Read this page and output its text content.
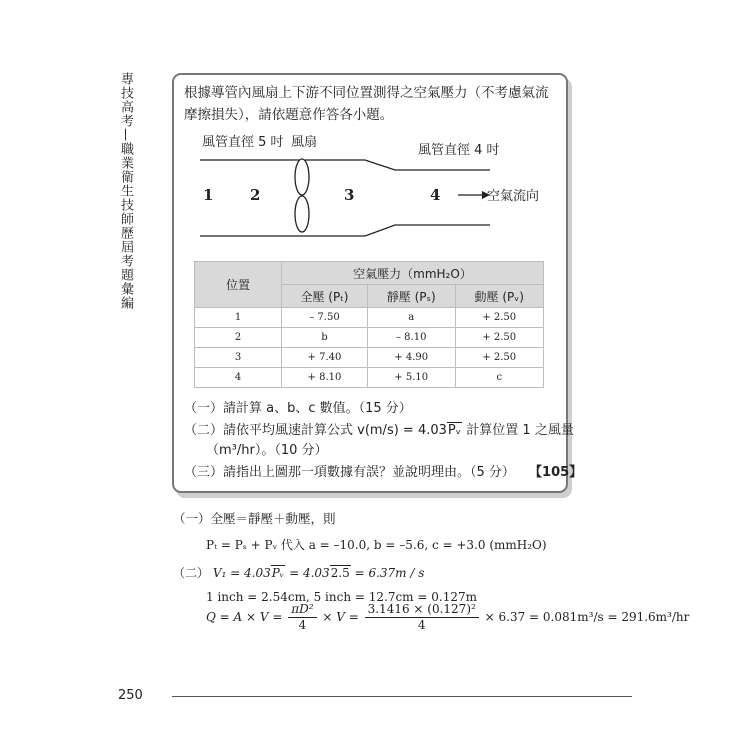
專技高考—職業衛生技師歷屆考題彙編	根據導管內風扇上下游不同位置測得之空氣壓力（不考慮氣流摩擦損失），請依題意作答各小題。
風管直徑 5 吋 風扇
風管直徑 4 吋
1 2	3	4	空氣流向
位置	空氣壓力（mmH₂O）		
	全壓 (Pₜ)	靜壓 (Pₛ)	動壓 (Pᵥ)
1	– 7.50	a	+ 2.50
2	b	– 8.10	+ 2.50
3	+ 7.40	+ 4.90	+ 2.50
4	+ 8.10	+ 5.10	c
（一）請計算 a、b、c 數值。（15 分）
（二）請依平均風速計算公式 v(m/s) = 4.03Pᵥ 計算位置 1 之風量
（m³/hr）。（10 分）
（三）請指出上圖那一項數據有誤？並說明理由。（5 分） 【105】
（一）全壓＝靜壓＋動壓，則
Pₜ = Pₛ + Pᵥ 代入 a = –10.0, b = –5.6, c = +3.0 (mmH₂O)
（二） V₁ = 4.03Pᵥ = 4.032.5 = 6.37m / s
1 inch = 2.54cm, 5 inch = 12.7cm = 0.127m
$Q = A \times V = \frac{\text{πD²}}{4} \times V = \frac{\text{3.1416 × (0.127)²}}{4} \times 6.37 = 0.081m^3/s = 291.6m^3/hr$
250
